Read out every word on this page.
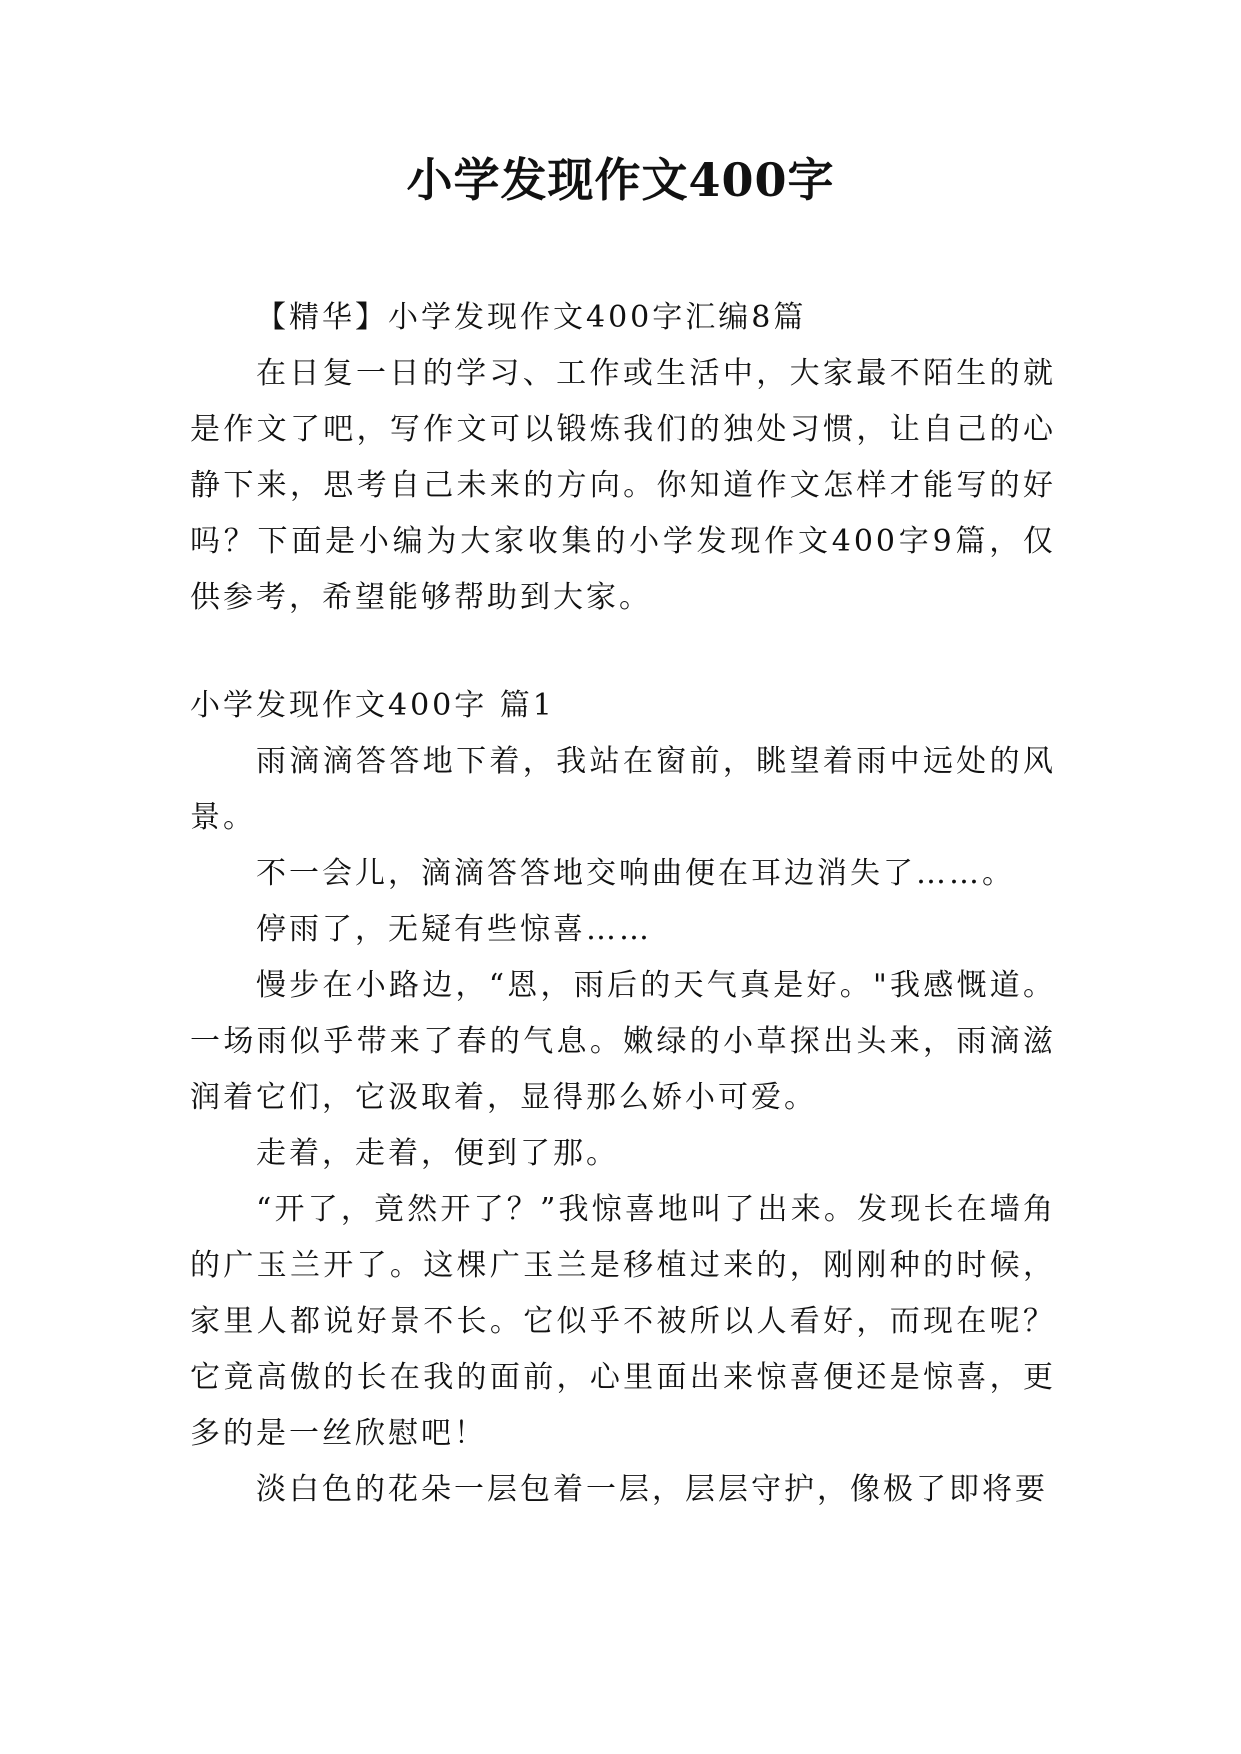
小学发现作文400字

【精华】小学发现作文400字汇编8篇

在日复一日的学习、工作或生活中，大家最不陌生的就是作文了吧，写作文可以锻炼我们的独处习惯，让自己的心静下来，思考自己未来的方向。你知道作文怎样才能写的好吗？下面是小编为大家收集的小学发现作文400字9篇，仅供参考，希望能够帮助到大家。

小学发现作文400字 篇1

雨滴滴答答地下着，我站在窗前，眺望着雨中远处的风景。

不一会儿，滴滴答答地交响曲便在耳边消失了……。

停雨了，无疑有些惊喜……

慢步在小路边，“恩，雨后的天气真是好。"我感慨道。一场雨似乎带来了春的气息。嫩绿的小草探出头来，雨滴滋润着它们，它汲取着，显得那么娇小可爱。

走着，走着，便到了那。

“开了，竟然开了？”我惊喜地叫了出来。发现长在墙角的广玉兰开了。这棵广玉兰是移植过来的，刚刚种的时候，家里人都说好景不长。它似乎不被所以人看好，而现在呢？它竟高傲的长在我的面前，心里面出来惊喜便还是惊喜，更多的是一丝欣慰吧！

淡白色的花朵一层包着一层，层层守护，像极了即将要
